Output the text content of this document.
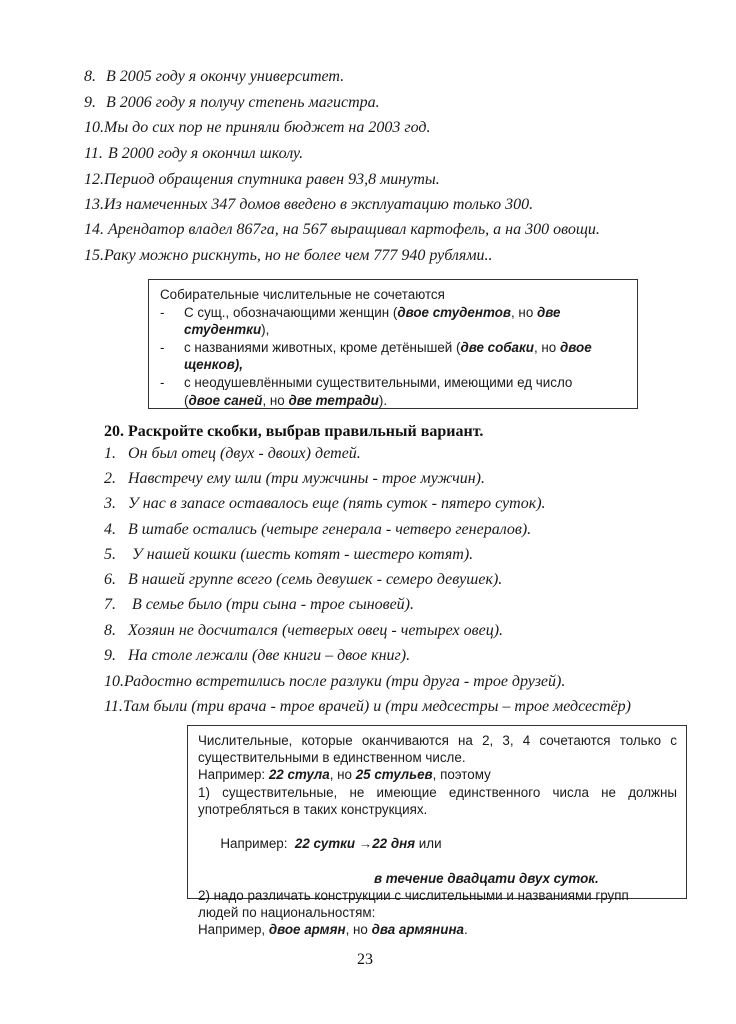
8. В 2005 году я окончу университет.
9. В 2006 году я получу степень магистра.
10.Мы до сих пор не приняли бюджет на 2003 год.
11. В 2000 году я окончил школу.
12.Период обращения спутника равен 93,8 минуты.
13.Из намеченных 347 домов введено в эксплуатацию только 300.
14. Арендатор владел 867га, на 567 выращивал картофель, а на 300 овощи.
15.Раку можно рискнуть, но не более чем 777 940 рублями..
Собирательные числительные не сочетаются
- С сущ., обозначающими женщин (двое студентов, но две
студентки),
- с названиями животных, кроме детёнышей (две собаки, но двое
щенков),
- с неодушевлёнными существительными, имеющими ед число
(двое саней, но две тетради).
20. Раскройте скобки, выбрав правильный вариант.
1. Он был отец (двух - двоих) детей.
2. Навстречу ему шли (три мужчины - трое мужчин).
3. У нас в запасе оставалось еще (пять суток - пятеро суток).
4. В штабе остались (четыре генерала - четверо генералов).
5. У нашей кошки (шесть котят - шестеро котят).
6. В нашей группе всего (семь девушек - семеро девушек).
7. В семье было (три сына - трое сыновей).
8. Хозяин не досчитался (четверых овец - четырех овец).
9. На столе лежали (две книги – двое книг).
10.Радостно встретились после разлуки (три друга - трое друзей).
11.Там были (три врача - трое врачей) и (три медсестры – трое медсестёр)
Числительные, которые оканчиваются на 2, 3, 4 сочетаются только с
существительными в единственном числе.
Например: 22 стула, но 25 стульев, поэтому
1) существительные, не имеющие единственного числа не должны
употребляться в таких конструкциях.

Например:  22 сутки →22 дня или

в течение двадцати двух суток.
2) надо различать конструкции с числительными и названиями групп
людей по национальностям:
Например, двое армян, но два армянина.
23
